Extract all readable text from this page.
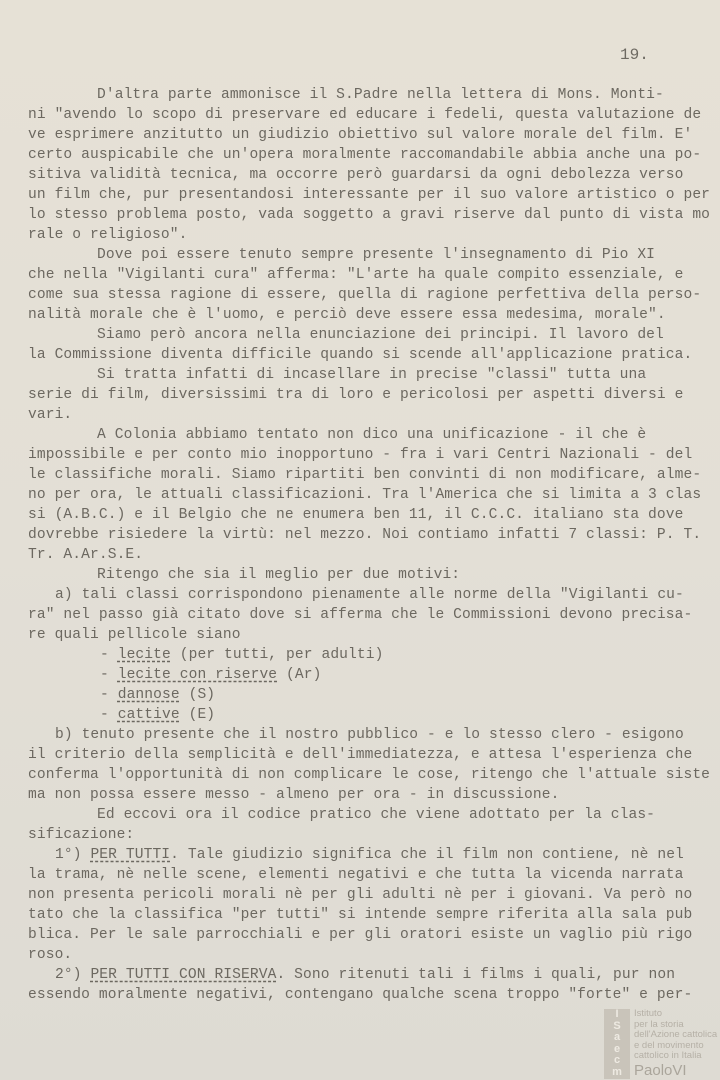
19.
D'altra parte ammonisce il S.Padre nella lettera di Mons. Monti-
ni "avendo lo scopo di preservare ed educare i fedeli, questa valutazione de
ve esprimere anzitutto un giudizio obiettivo sul valore morale del film. E'
certo auspicabile che un'opera moralmente raccomandabile abbia anche una po-
sitiva validità tecnica, ma occorre però guardarsi da ogni debolezza verso
un film che, pur presentandosi interessante per il suo valore artistico o per
lo stesso problema posto, vada soggetto a gravi riserve dal punto di vista mo
rale o religioso".
Dove poi essere tenuto sempre presente l'insegnamento di Pio XI
che nella "Vigilanti cura" afferma: "L'arte ha quale compito essenziale, e
come sua stessa ragione di essere, quella di ragione perfettiva della perso-
nalità morale che è l'uomo, e perciò deve essere essa medesima, morale".
Siamo però ancora nella enunciazione dei principi. Il lavoro del
la Commissione diventa difficile quando si scende all'applicazione pratica.
Si tratta infatti di incasellare in precise "classi" tutta una
serie di film, diversissimi tra di loro e pericolosi per aspetti diversi e
vari.
A Colonia abbiamo tentato non dico una unificazione - il che è
impossibile e per conto mio inopportuno - fra i vari Centri Nazionali - del
le classifiche morali. Siamo ripartiti ben convinti di non modificare, alme-
no per ora, le attuali classificazioni. Tra l'America che si limita a 3 clas
si (A.B.C.) e il Belgio che ne enumera ben 11, il C.C.C. italiano sta dove
dovrebbe risiedere la virtù: nel mezzo. Noi contiamo infatti 7 classi: P. T.
Tr. A.Ar.S.E.
Ritengo che sia il meglio per due motivi:
a) tali classi corrispondono pienamente alle norme della "Vigilanti cu-
ra" nel passo già citato dove si afferma che le Commissioni devono precisa-
re quali pellicole siano
- lecite (per tutti, per adulti)
- lecite con riserve (Ar)
- dannose (S)
- cattive (E)
b) tenuto presente che il nostro pubblico - e lo stesso clero - esigono
il criterio della semplicità e dell'immediatezza, e attesa l'esperienza che
conferma l'opportunità di non complicare le cose, ritengo che l'attuale siste
ma non possa essere messo - almeno per ora - in discussione.
Ed eccovi ora il codice pratico che viene adottato per la clas-
sificazione:
1°) PER TUTTI. Tale giudizio significa che il film non contiene, nè nel
la trama, nè nelle scene, elementi negativi e che tutta la vicenda narrata
non presenta pericoli morali nè per gli adulti nè per i giovani. Va però no
tato che la classifica "per tutti" si intende sempre riferita alla sala pub
blica. Per le sale parrocchiali e per gli oratori esiste un vaglio più rigo
roso.
2°) PER TUTTI CON RISERVA. Sono ritenuti tali i films i quali, pur non
essendo moralmente negativi, contengano qualche scena troppo "forte" e per-
I
S
a
e
c
m
Istituto
per la storia
dell'Azione cattolica
e del movimento
cattolico in Italia
PaoloVI
